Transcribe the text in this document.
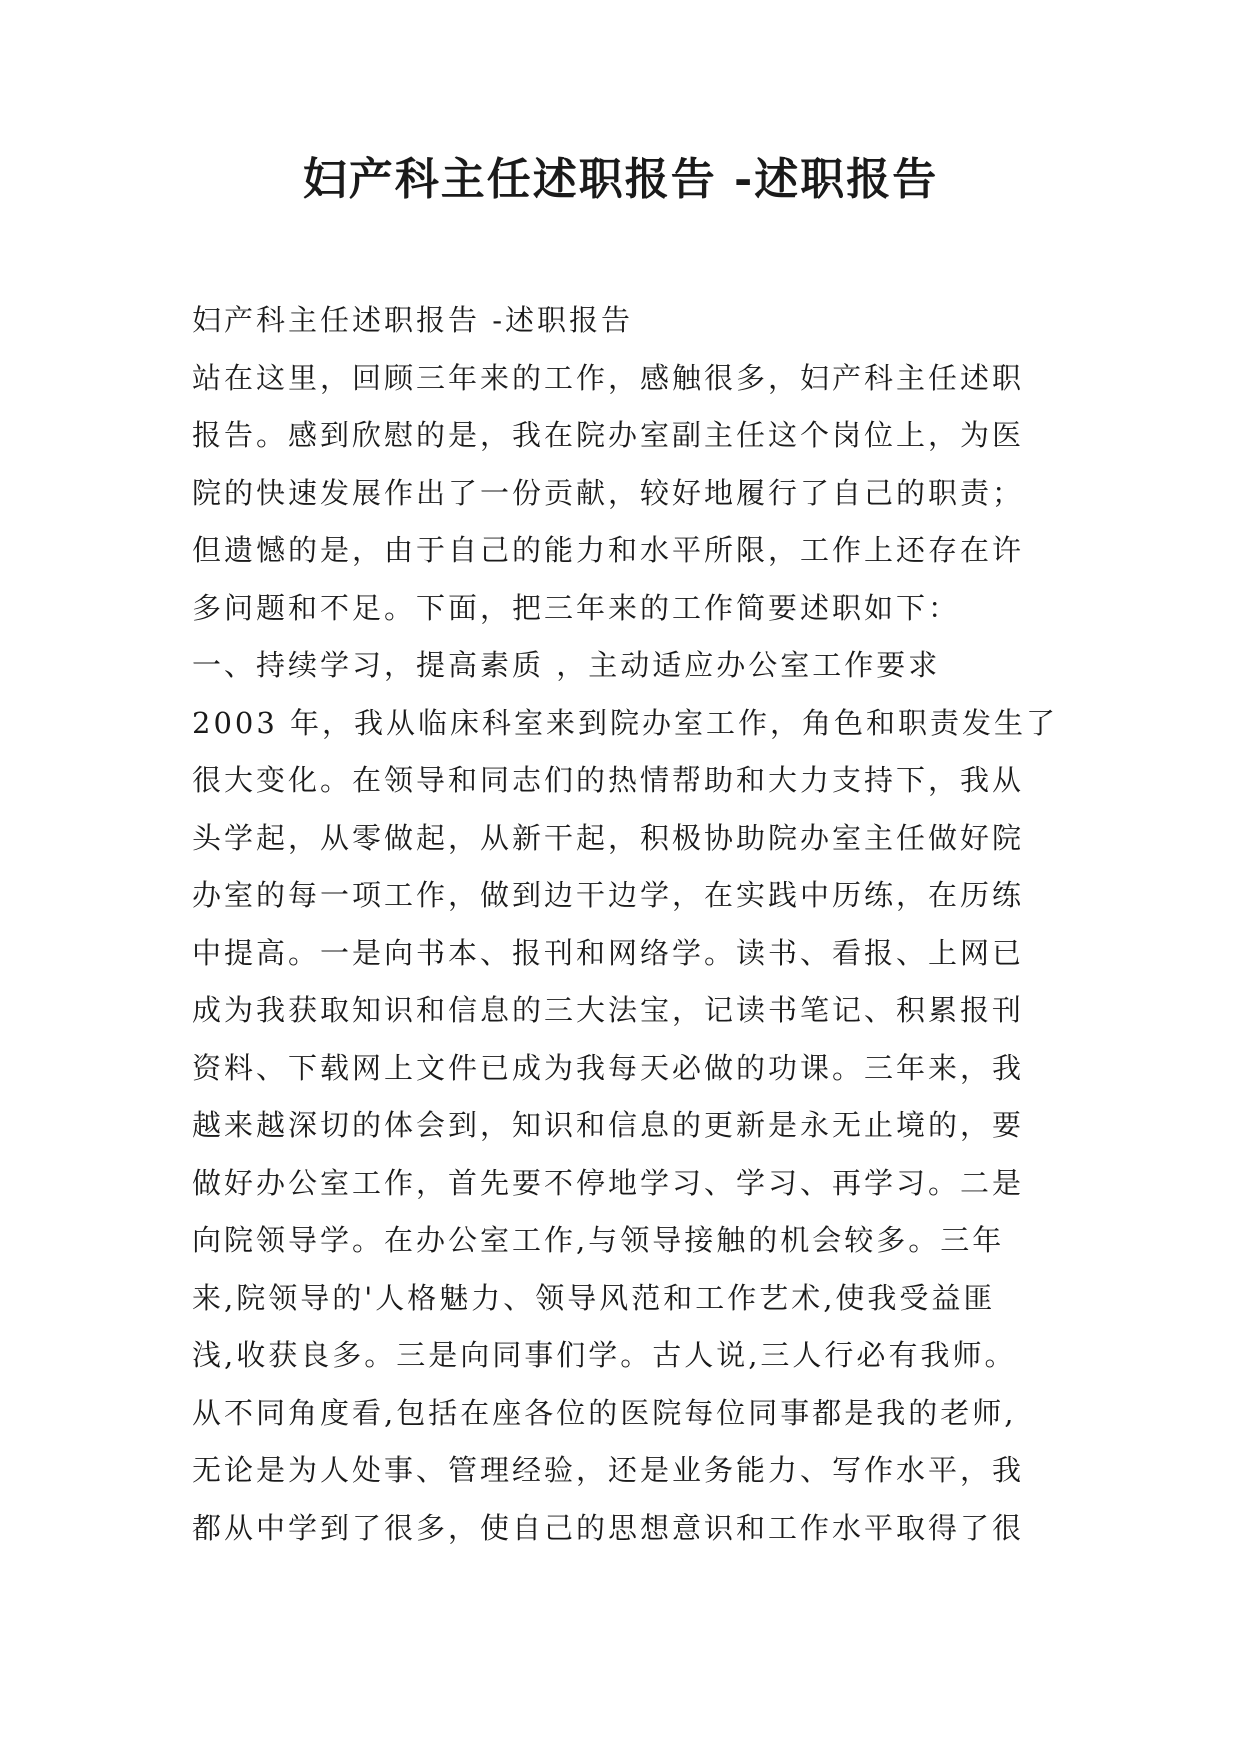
妇产科主任述职报告 -述职报告
妇产科主任述职报告 -述职报告
站在这里，回顾三年来的工作，感触很多，妇产科主任述职
报告。感到欣慰的是，我在院办室副主任这个岗位上，为医
院的快速发展作出了一份贡献，较好地履行了自己的职责；
但遗憾的是，由于自己的能力和水平所限，工作上还存在许
多问题和不足。下面，把三年来的工作简要述职如下：
一、持续学习，提高素质 ，主动适应办公室工作要求
2003 年，我从临床科室来到院办室工作，角色和职责发生了
很大变化。在领导和同志们的热情帮助和大力支持下，我从
头学起，从零做起，从新干起，积极协助院办室主任做好院
办室的每一项工作，做到边干边学，在实践中历练，在历练
中提高。一是向书本、报刊和网络学。读书、看报、上网已
成为我获取知识和信息的三大法宝，记读书笔记、积累报刊
资料、下载网上文件已成为我每天必做的功课。三年来，我
越来越深切的体会到，知识和信息的更新是永无止境的，要
做好办公室工作，首先要不停地学习、学习、再学习。二是
向院领导学。在办公室工作,与领导接触的机会较多。三年
来,院领导的'人格魅力、领导风范和工作艺术,使我受益匪
浅,收获良多。三是向同事们学。古人说,三人行必有我师。
从不同角度看,包括在座各位的医院每位同事都是我的老师,
无论是为人处事、管理经验，还是业务能力、写作水平，我
都从中学到了很多，使自己的思想意识和工作水平取得了很
